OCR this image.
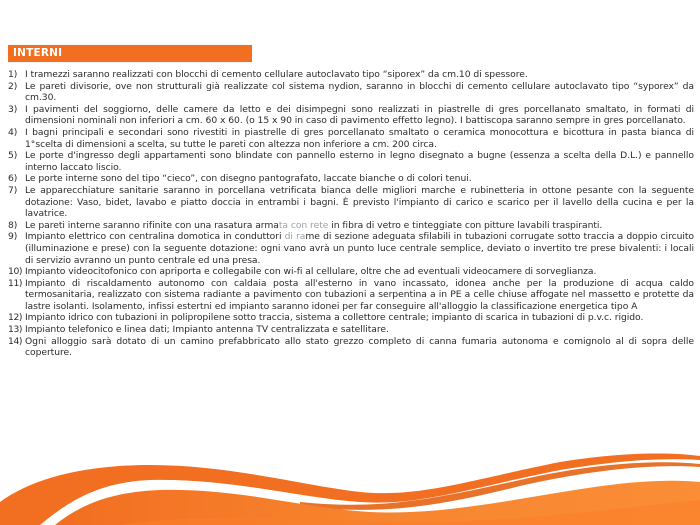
INTERNI
1) I tramezzi saranno realizzati con blocchi di cemento cellulare autoclavato tipo “siporex” da cm.10 di spessore.
2) Le pareti divisorie, ove non strutturali già realizzate col sistema nydion, saranno in blocchi di cemento cellulare autoclavato tipo “syporex” da cm.30.
3) I pavimenti del soggiorno, delle camere da letto e dei disimpegni sono realizzati in piastrelle di gres porcellanato smaltato, in formati di dimensioni nominali non inferiori a cm. 60 x 60. (o 15 x 90 in caso di pavimento effetto legno). I battiscopa saranno sempre in gres porcellanato.
4) I bagni principali e secondari sono rivestiti in piastrelle di gres porcellanato smaltato o ceramica monocottura e bicottura in pasta bianca di 1°scelta di dimensioni a scelta, su tutte le pareti con altezza non inferiore a cm. 200 circa.
5) Le porte d'ingresso degli appartamenti sono blindate con pannello esterno in legno disegnato a bugne (essenza a scelta della D.L.) e pannello interno laccato liscio.
6) Le porte interne sono del tipo “cieco”, con disegno pantografato, laccate bianche o di colori tenui.
7) Le apparecchiature sanitarie saranno in porcellana vetrificata bianca delle migliori marche e rubinetteria in ottone pesante con la seguente dotazione: Vaso, bidet, lavabo e piatto doccia in entrambi i bagni. È previsto l'impianto di carico e scarico per il lavello della cucina e per la lavatrice.
8) Le pareti interne saranno rifinite con una rasatura armata con rete in fibra di vetro e tinteggiate con pitture lavabili traspiranti.
9) Impianto elettrico con centralina domotica in conduttori di rame di sezione adeguata sfilabili in tubazioni corrugate sotto traccia a doppio circuito (illuminazione e prese) con la seguente dotazione: ogni vano avrà un punto luce centrale semplice, deviato o invertito tre prese bivalenti: i locali di servizio avranno un punto centrale ed una presa.
10) Impianto videocitofonico con apriporta e collegabile con wi-fi al cellulare, oltre che ad eventuali videocamere di sorveglianza.
11) Impianto di riscaldamento autonomo con caldaia posta all'esterno in vano incassato, idonea anche per la produzione di acqua caldo termosanitaria, realizzato con sistema radiante a pavimento con tubazioni a serpentina a in PE a celle chiuse affogate nel massetto e protette da lastre isolanti. Isolamento, infissi estertni ed impianto saranno idonei per far conseguire all'alloggio la classificazione energetica tipo A
12) Impianto idrico con tubazioni in polipropilene sotto traccia, sistema a collettore centrale; impianto di scarica in tubazioni di p.v.c. rigido.
13) Impianto telefonico e linea dati; Impianto antenna TV centralizzata e satellitare.
14) Ogni alloggio sarà dotato di un camino prefabbricato allo stato grezzo completo di canna fumaria autonoma e comignolo al di sopra delle coperture.
